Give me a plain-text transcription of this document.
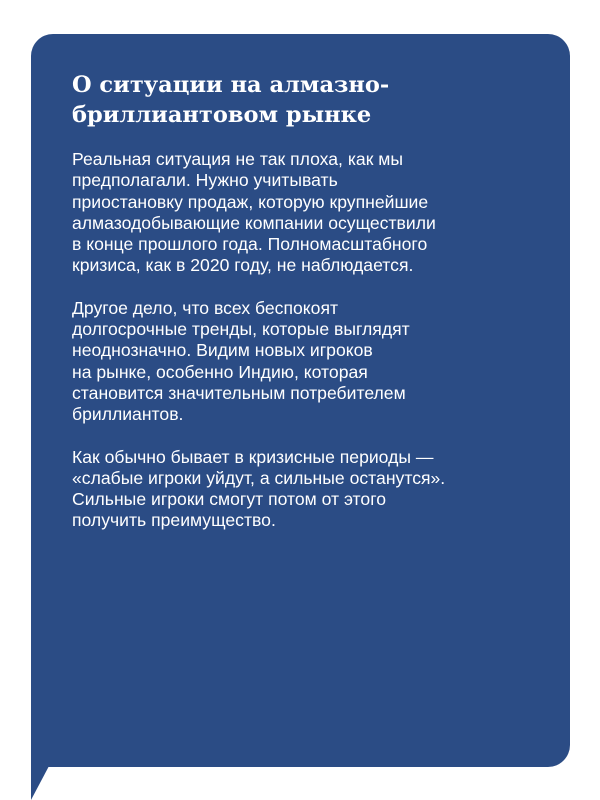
О ситуации на алмазно-
бриллиантовом рынке

Реальная ситуация не так плоха, как мы
предполагали. Нужно учитывать
приостановку продаж, которую крупнейшие
алмазодобывающие компании осуществили
в конце прошлого года. Полномасштабного
кризиса, как в 2020 году, не наблюдается.

Другое дело, что всех беспокоят
долгосрочные тренды, которые выглядят
неоднозначно. Видим новых игроков
на рынке, особенно Индию, которая
становится значительным потребителем
бриллиантов.

Как обычно бывает в кризисные периоды —
«слабые игроки уйдут, а сильные останутся».
Сильные игроки смогут потом от этого
получить преимущество.
